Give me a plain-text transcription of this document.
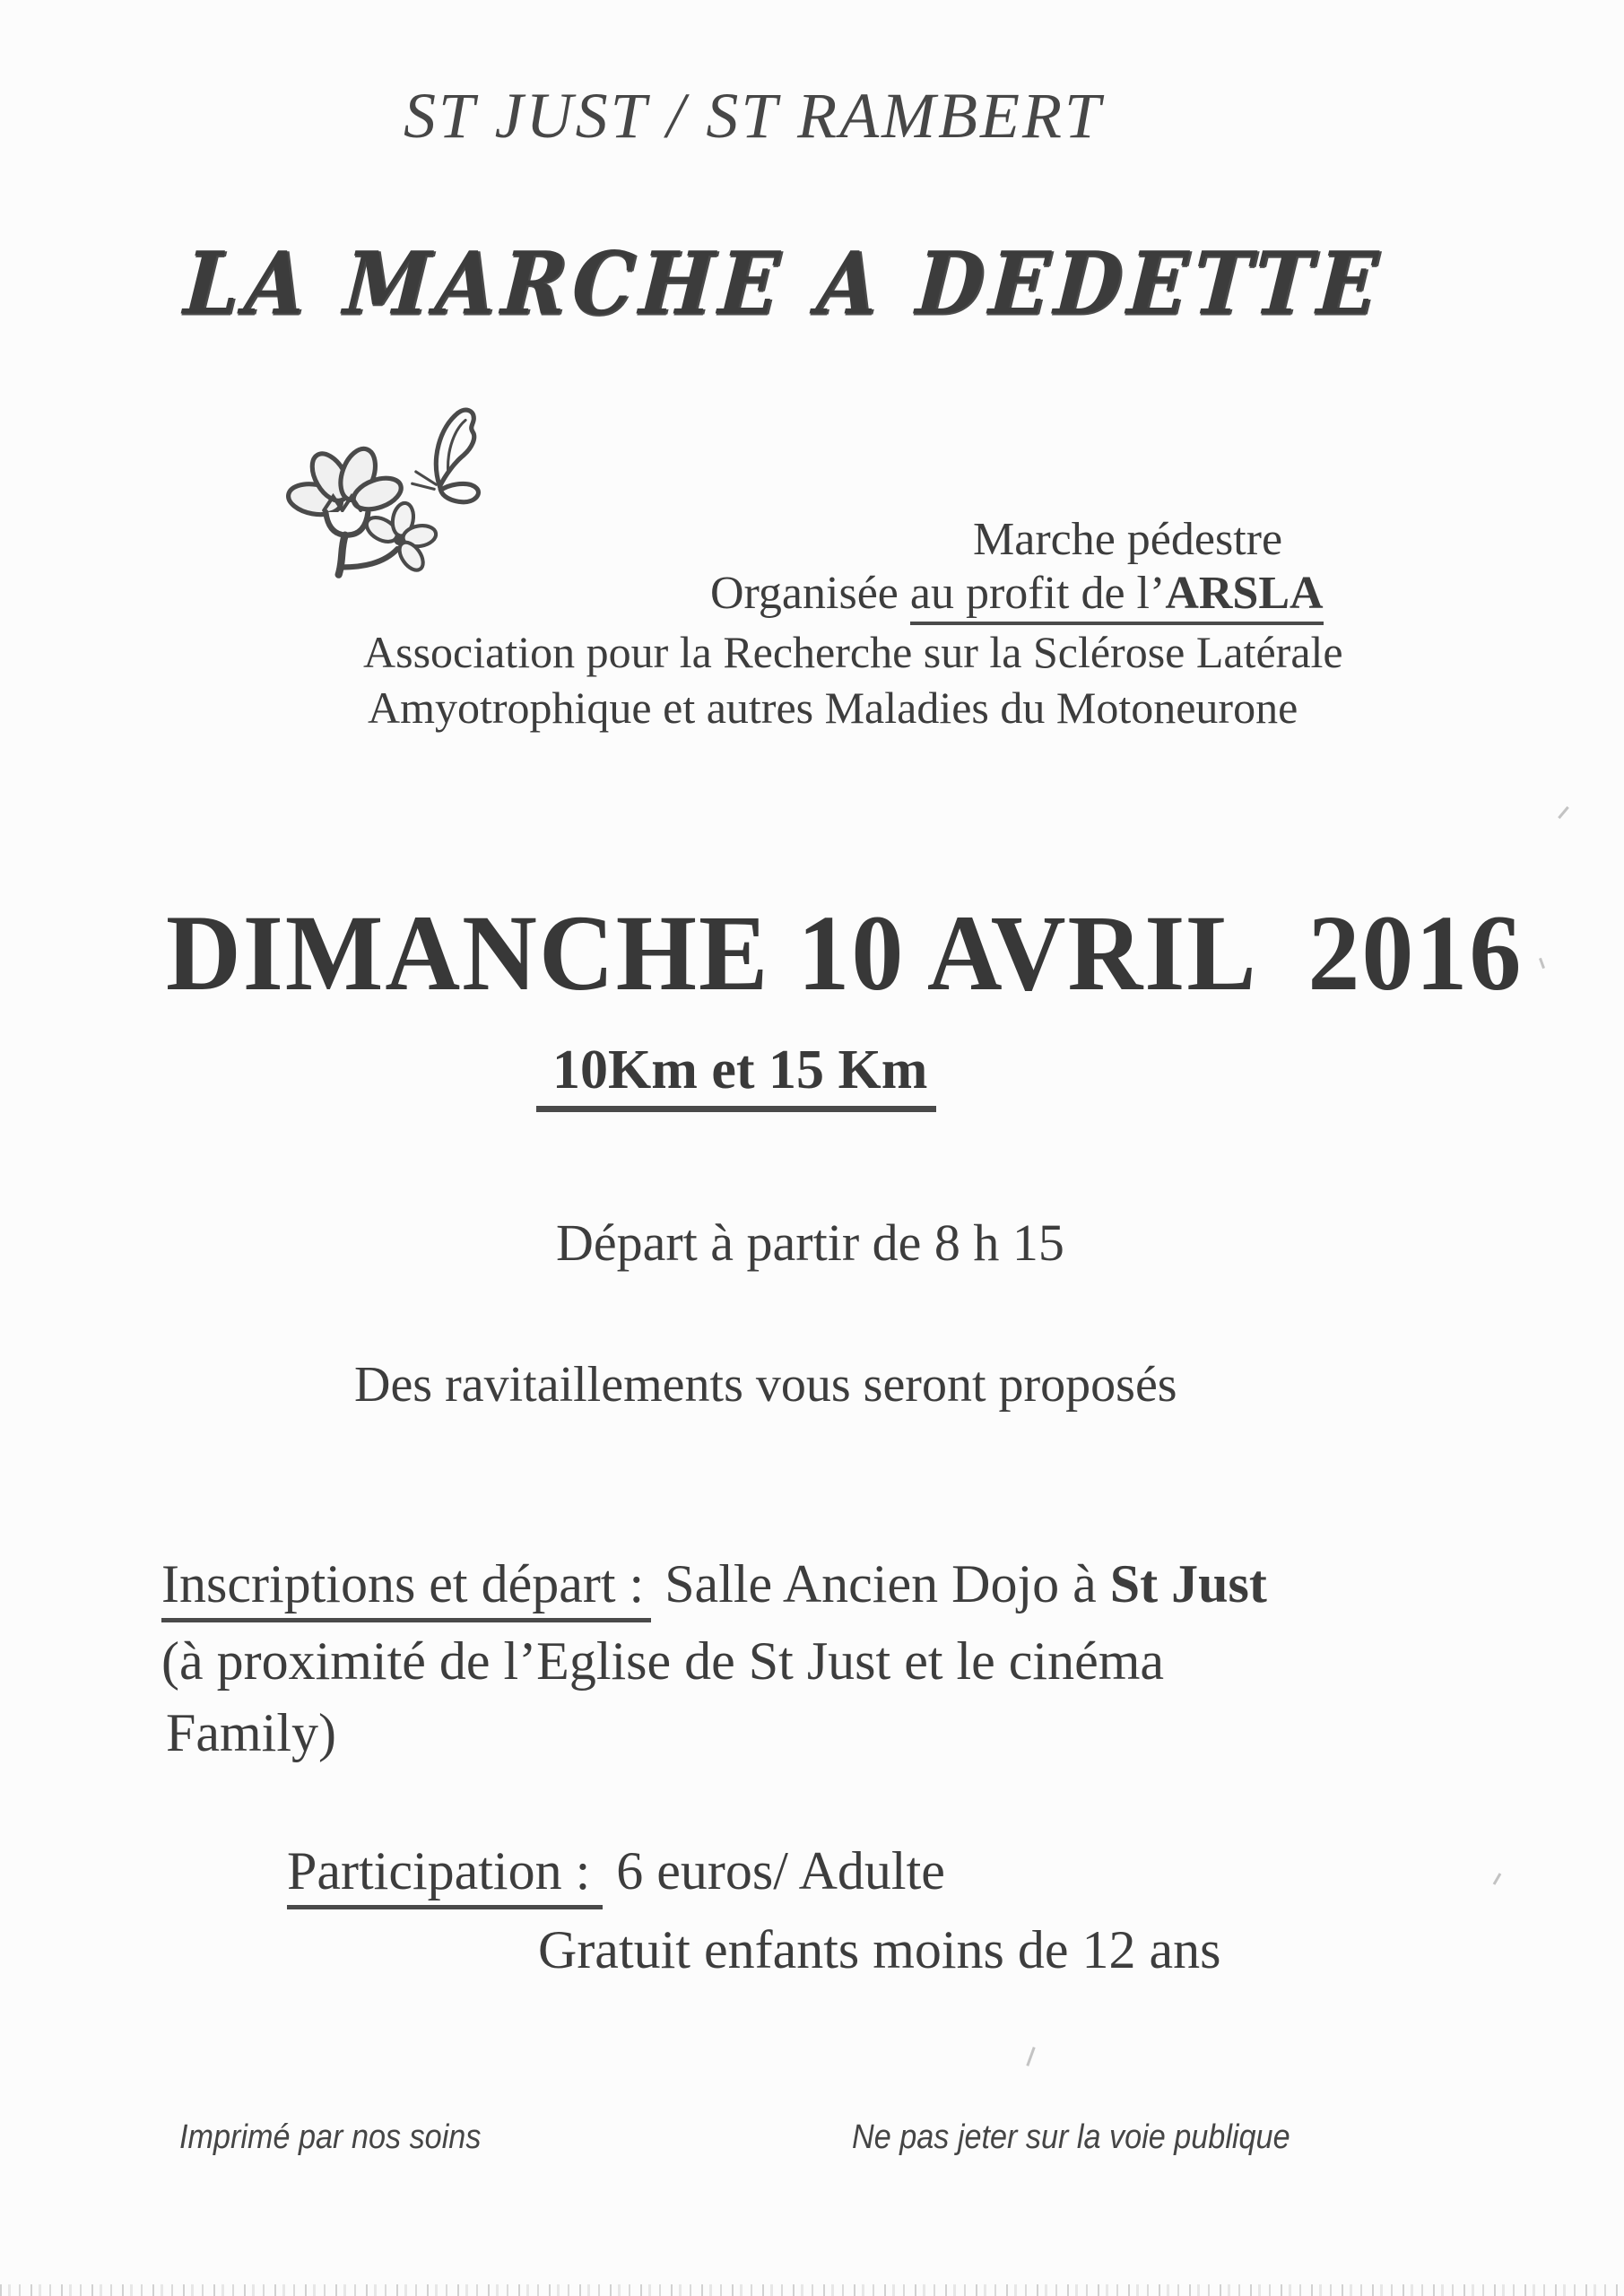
ST JUST / ST RAMBERT
LA MARCHE A DEDETTE
Marche pédestre
Organisée au profit de l’ARSLA
Association pour la Recherche sur la Sclérose Latérale
Amyotrophique et autres Maladies du Motoneurone
DIMANCHE 10 AVRIL  2016
10Km et 15 Km
Départ à partir de 8 h 15
Des ravitaillements vous seront proposés
Inscriptions et départ : Salle Ancien Dojo à St Just
(à proximité de l’Eglise de St Just et le cinéma
Family)
Participation : 6 euros/ Adulte
Gratuit enfants moins de 12 ans
Imprimé par nos soins	Ne pas jeter sur la voie publique
